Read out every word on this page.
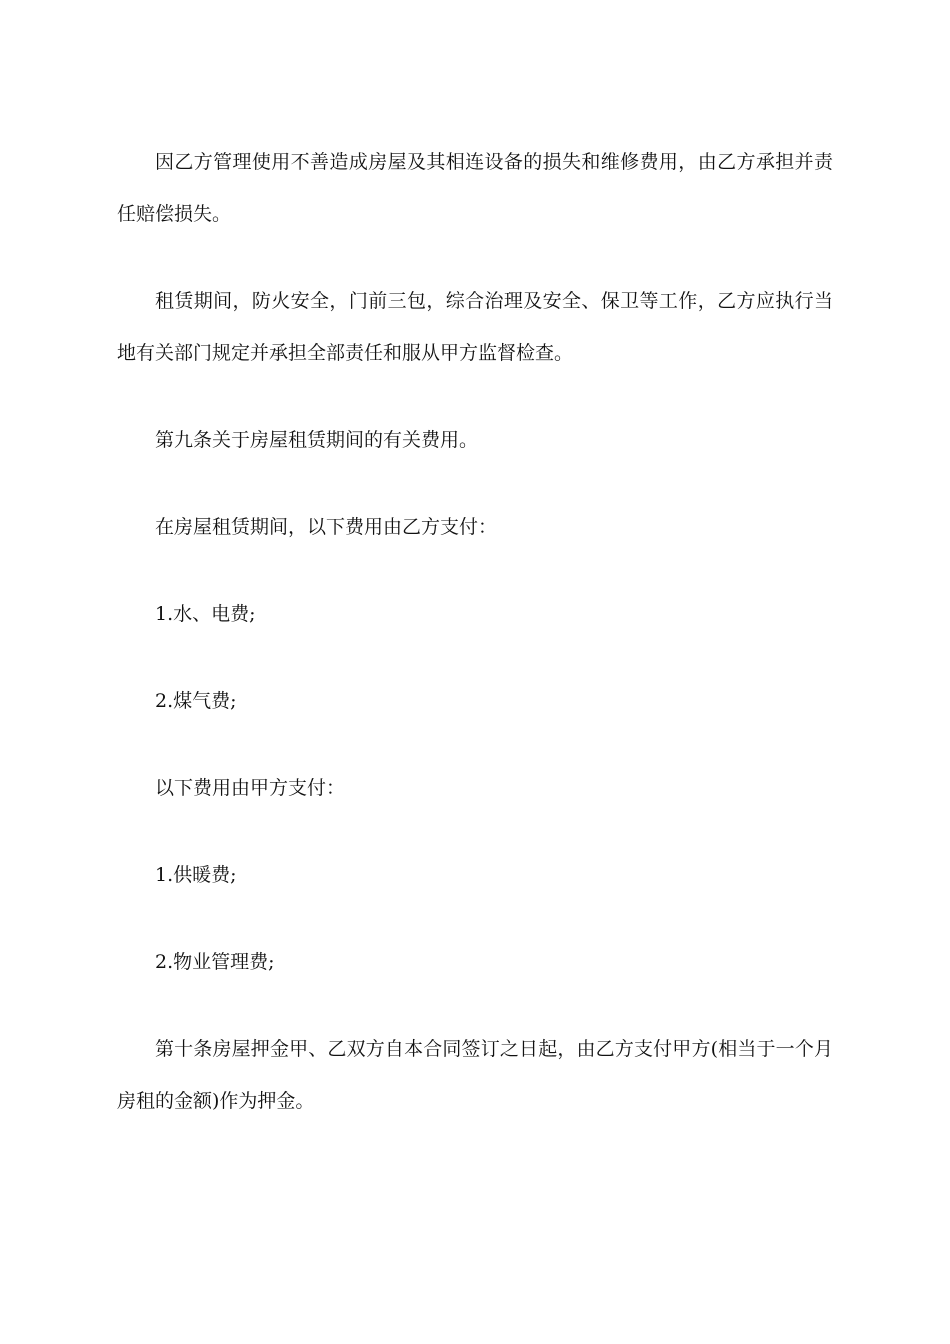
因乙方管理使用不善造成房屋及其相连设备的损失和维修费用，由乙方承担并责任赔偿损失。

租赁期间，防火安全，门前三包，综合治理及安全、保卫等工作，乙方应执行当地有关部门规定并承担全部责任和服从甲方监督检查。

第九条关于房屋租赁期间的有关费用。

在房屋租赁期间，以下费用由乙方支付：

1.水、电费;

2.煤气费;

以下费用由甲方支付：

1.供暖费;

2.物业管理费;

第十条房屋押金甲、乙双方自本合同签订之日起，由乙方支付甲方(相当于一个月房租的金额)作为押金。
